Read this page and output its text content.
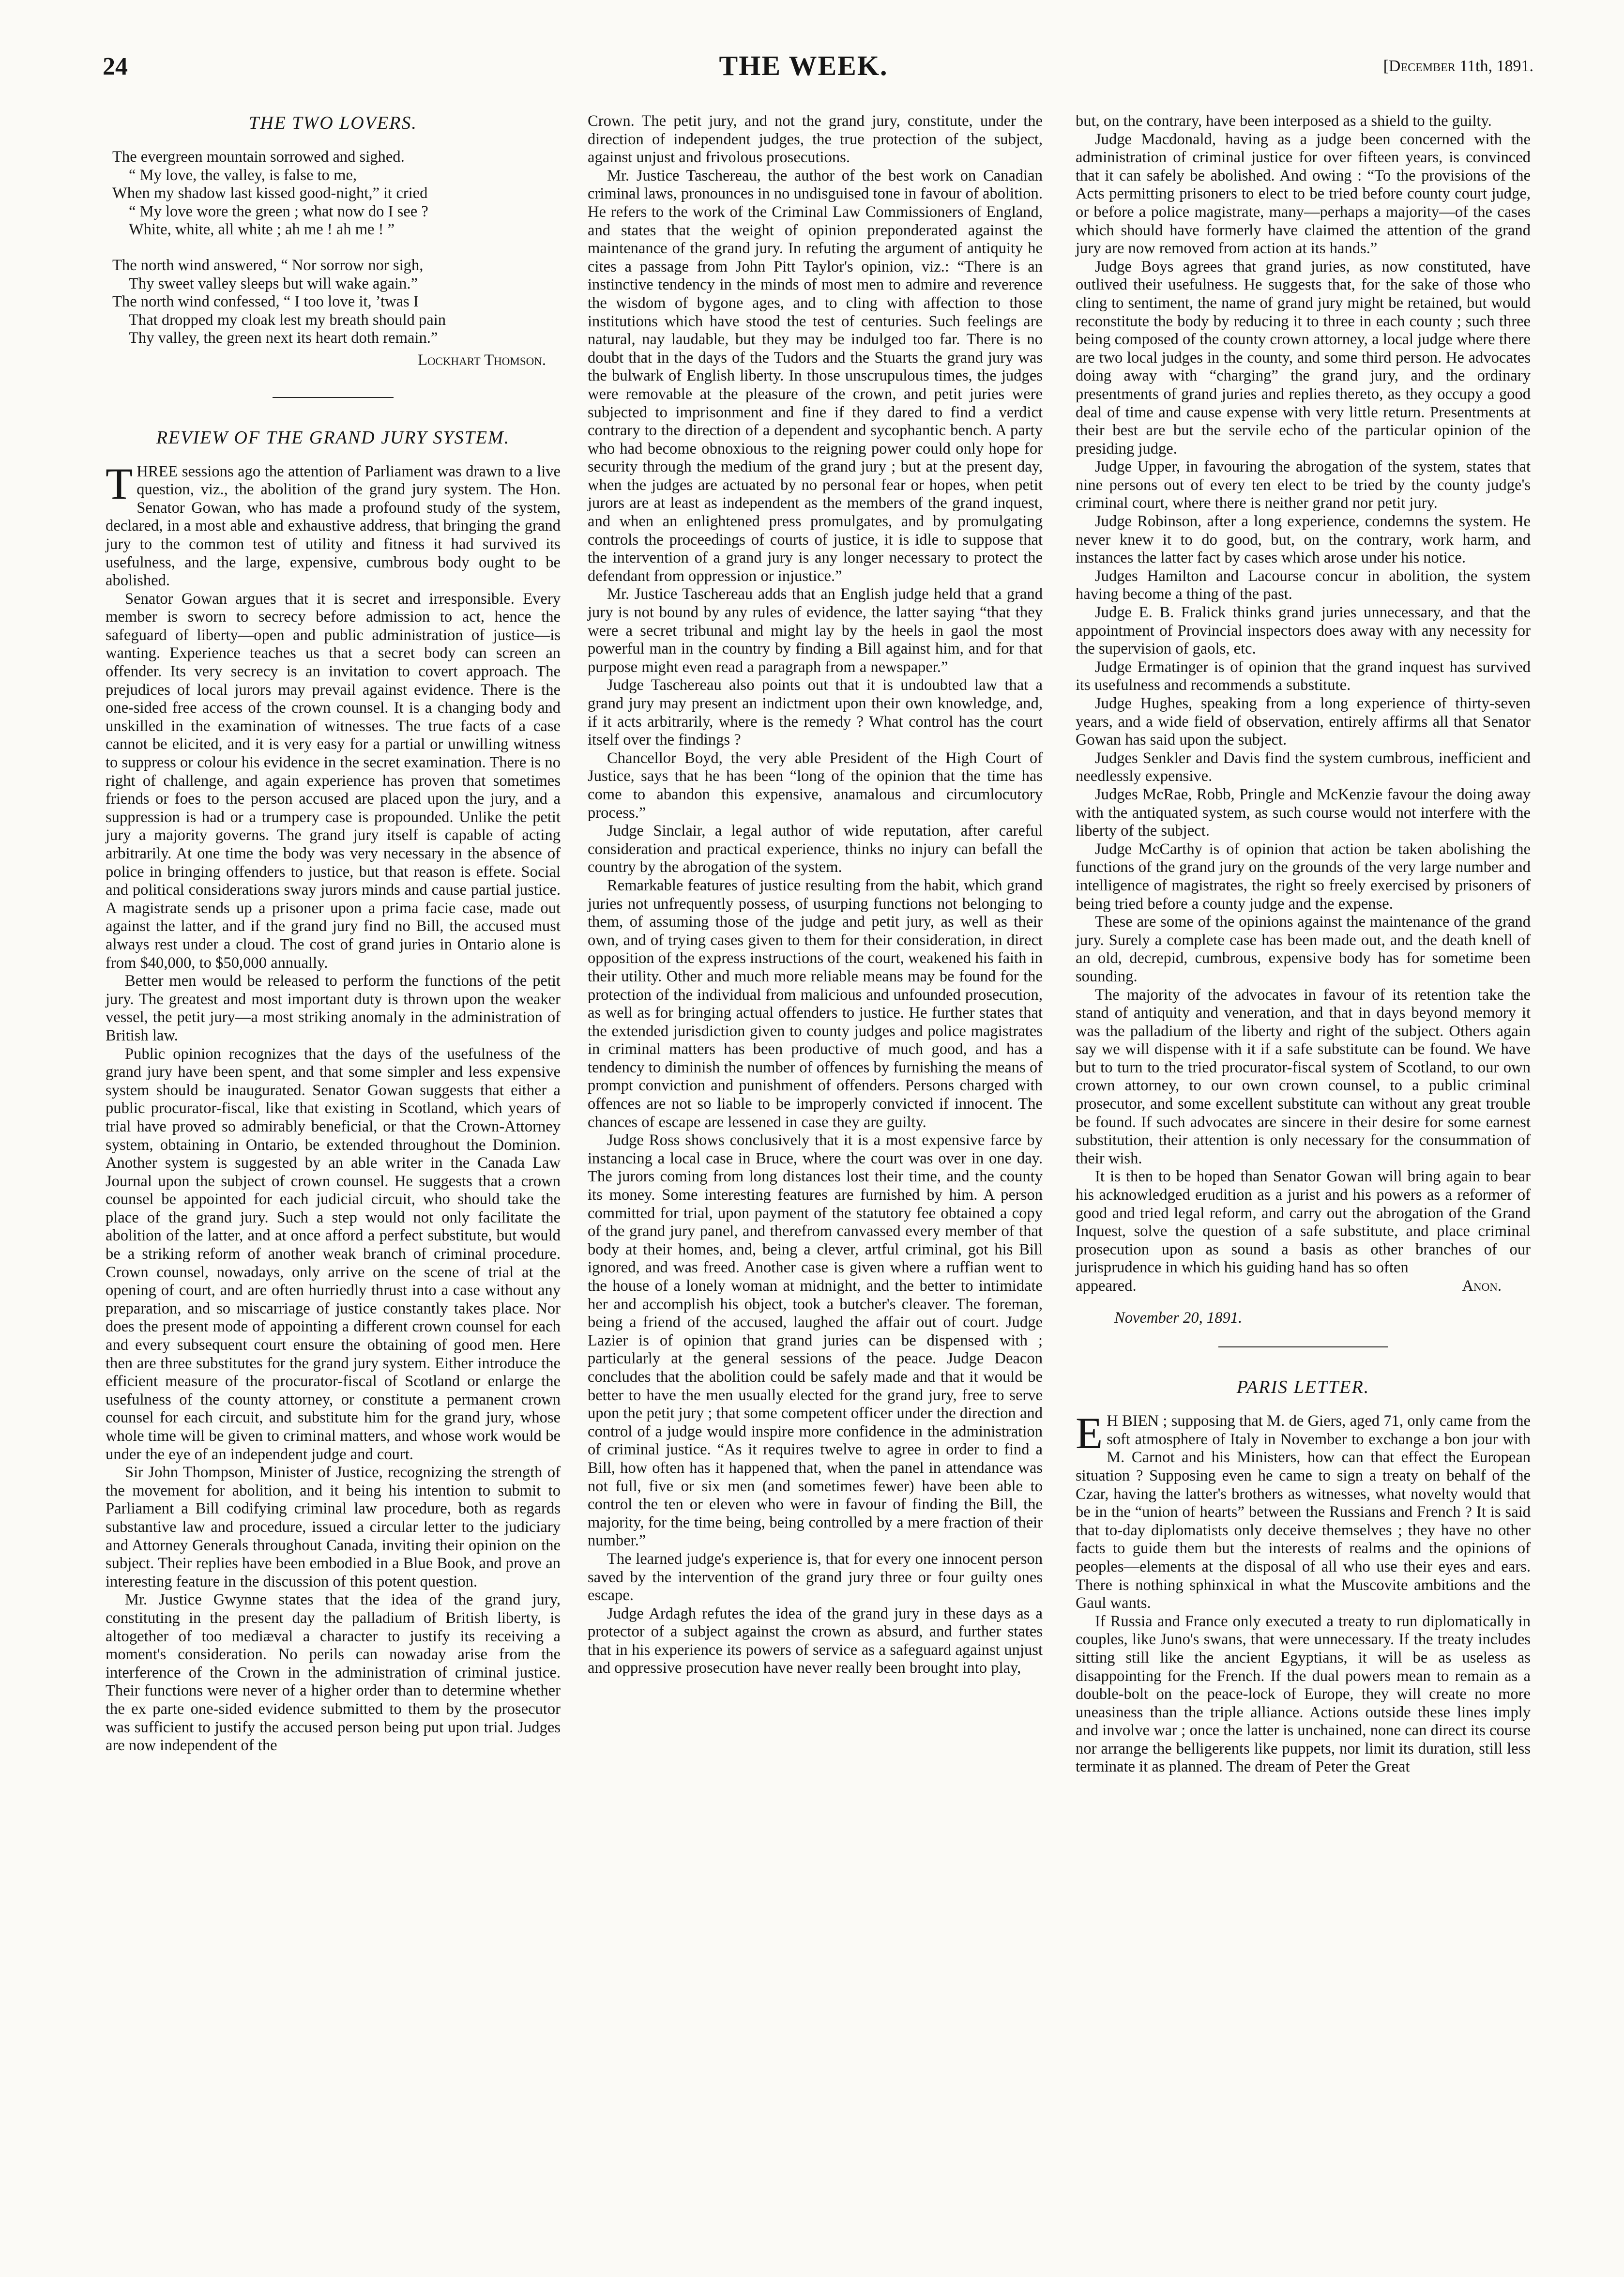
24	THE WEEK.	[December 11th, 1891.
THE TWO LOVERS.
The evergreen mountain sorrowed and sighed.
“ My love, the valley, is false to me,
When my shadow last kissed good-night,” it cried
“ My love wore the green ; what now do I see ?
White, white, all white ; ah me ! ah me ! ”
The north wind answered, “ Nor sorrow nor sigh,
Thy sweet valley sleeps but will wake again.”
The north wind confessed, “ I too love it, ’twas I
That dropped my cloak lest my breath should pain
Thy valley, the green next its heart doth remain.”
Lockhart Thomson.
REVIEW OF THE GRAND JURY SYSTEM.

THREE sessions ago the attention of Parliament was drawn to a live question, viz., the abolition of the grand jury system. The Hon. Senator Gowan, who has made a profound study of the system, declared, in a most able and exhaustive address, that bringing the grand jury to the common test of utility and fitness it had survived its usefulness, and the large, expensive, cumbrous body ought to be abolished.

Senator Gowan argues that it is secret and irresponsible. Every member is sworn to secrecy before admission to act, hence the safeguard of liberty—open and public administration of justice—is wanting. Experience teaches us that a secret body can screen an offender. Its very secrecy is an invitation to covert approach. The prejudices of local jurors may prevail against evidence. There is the one-sided free access of the crown counsel. It is a changing body and unskilled in the examination of witnesses. The true facts of a case cannot be elicited, and it is very easy for a partial or unwilling witness to suppress or colour his evidence in the secret examination. There is no right of challenge, and again experience has proven that sometimes friends or foes to the person accused are placed upon the jury, and a suppression is had or a trumpery case is propounded. Unlike the petit jury a majority governs. The grand jury itself is capable of acting arbitrarily. At one time the body was very necessary in the absence of police in bringing offenders to justice, but that reason is effete. Social and political considerations sway jurors minds and cause partial justice. A magistrate sends up a prisoner upon a prima facie case, made out against the latter, and if the grand jury find no Bill, the accused must always rest under a cloud. The cost of grand juries in Ontario alone is from $40,000, to $50,000 annually.

Better men would be released to perform the functions of the petit jury. The greatest and most important duty is thrown upon the weaker vessel, the petit jury—a most striking anomaly in the administration of British law.

Public opinion recognizes that the days of the usefulness of the grand jury have been spent, and that some simpler and less expensive system should be inaugurated. Senator Gowan suggests that either a public procurator-fiscal, like that existing in Scotland, which years of trial have proved so admirably beneficial, or that the Crown-Attorney system, obtaining in Ontario, be extended throughout the Dominion. Another system is suggested by an able writer in the Canada Law Journal upon the subject of crown counsel. He suggests that a crown counsel be appointed for each judicial circuit, who should take the place of the grand jury. Such a step would not only facilitate the abolition of the latter, and at once afford a perfect substitute, but would be a striking reform of another weak branch of criminal procedure. Crown counsel, nowadays, only arrive on the scene of trial at the opening of court, and are often hurriedly thrust into a case without any preparation, and so miscarriage of justice constantly takes place. Nor does the present mode of appointing a different crown counsel for each and every subsequent court ensure the obtaining of good men. Here then are three substitutes for the grand jury system. Either introduce the efficient measure of the procurator-fiscal of Scotland or enlarge the usefulness of the county attorney, or constitute a permanent crown counsel for each circuit, and substitute him for the grand jury, whose whole time will be given to criminal matters, and whose work would be under the eye of an independent judge and court.

Sir John Thompson, Minister of Justice, recognizing the strength of the movement for abolition, and it being his intention to submit to Parliament a Bill codifying criminal law procedure, both as regards substantive law and procedure, issued a circular letter to the judiciary and Attorney Generals throughout Canada, inviting their opinion on the subject. Their replies have been embodied in a Blue Book, and prove an interesting feature in the discussion of this potent question.

Mr. Justice Gwynne states that the idea of the grand jury, constituting in the present day the palladium of British liberty, is altogether of too mediæval a character to justify its receiving a moment's consideration. No perils can nowaday arise from the interference of the Crown in the administration of criminal justice. Their functions were never of a higher order than to determine whether the ex parte one-sided evidence submitted to them by the prosecutor was sufficient to justify the accused person being put upon trial. Judges are now independent of the

Crown. The petit jury, and not the grand jury, constitute, under the direction of independent judges, the true protection of the subject, against unjust and frivolous prosecutions.

Mr. Justice Taschereau, the author of the best work on Canadian criminal laws, pronounces in no undisguised tone in favour of abolition. He refers to the work of the Criminal Law Commissioners of England, and states that the weight of opinion preponderated against the maintenance of the grand jury. In refuting the argument of antiquity he cites a passage from John Pitt Taylor's opinion, viz.: “There is an instinctive tendency in the minds of most men to admire and reverence the wisdom of bygone ages, and to cling with affection to those institutions which have stood the test of centuries. Such feelings are natural, nay laudable, but they may be indulged too far. There is no doubt that in the days of the Tudors and the Stuarts the grand jury was the bulwark of English liberty. In those unscrupulous times, the judges were removable at the pleasure of the crown, and petit juries were subjected to imprisonment and fine if they dared to find a verdict contrary to the direction of a dependent and sycophantic bench. A party who had become obnoxious to the reigning power could only hope for security through the medium of the grand jury ; but at the present day, when the judges are actuated by no personal fear or hopes, when petit jurors are at least as independent as the members of the grand inquest, and when an enlightened press promulgates, and by promulgating controls the proceedings of courts of justice, it is idle to suppose that the intervention of a grand jury is any longer necessary to protect the defendant from oppression or injustice.”

Mr. Justice Taschereau adds that an English judge held that a grand jury is not bound by any rules of evidence, the latter saying “that they were a secret tribunal and might lay by the heels in gaol the most powerful man in the country by finding a Bill against him, and for that purpose might even read a paragraph from a newspaper.”

Judge Taschereau also points out that it is undoubted law that a grand jury may present an indictment upon their own knowledge, and, if it acts arbitrarily, where is the remedy ? What control has the court itself over the findings ?

Chancellor Boyd, the very able President of the High Court of Justice, says that he has been “long of the opinion that the time has come to abandon this expensive, anamalous and circumlocutory process.”

Judge Sinclair, a legal author of wide reputation, after careful consideration and practical experience, thinks no injury can befall the country by the abrogation of the system.

Remarkable features of justice resulting from the habit, which grand juries not unfrequently possess, of usurping functions not belonging to them, of assuming those of the judge and petit jury, as well as their own, and of trying cases given to them for their consideration, in direct opposition of the express instructions of the court, weakened his faith in their utility. Other and much more reliable means may be found for the protection of the individual from malicious and unfounded prosecution, as well as for bringing actual offenders to justice. He further states that the extended jurisdiction given to county judges and police magistrates in criminal matters has been productive of much good, and has a tendency to diminish the number of offences by furnishing the means of prompt conviction and punishment of offenders. Persons charged with offences are not so liable to be improperly convicted if innocent. The chances of escape are lessened in case they are guilty.

Judge Ross shows conclusively that it is a most expensive farce by instancing a local case in Bruce, where the court was over in one day. The jurors coming from long distances lost their time, and the county its money. Some interesting features are furnished by him. A person committed for trial, upon payment of the statutory fee obtained a copy of the grand jury panel, and therefrom canvassed every member of that body at their homes, and, being a clever, artful criminal, got his Bill ignored, and was freed. Another case is given where a ruffian went to the house of a lonely woman at midnight, and the better to intimidate her and accomplish his object, took a butcher's cleaver. The foreman, being a friend of the accused, laughed the affair out of court. Judge Lazier is of opinion that grand juries can be dispensed with ; particularly at the general sessions of the peace. Judge Deacon concludes that the abolition could be safely made and that it would be better to have the men usually elected for the grand jury, free to serve upon the petit jury ; that some competent officer under the direction and control of a judge would inspire more confidence in the administration of criminal justice. “As it requires twelve to agree in order to find a Bill, how often has it happened that, when the panel in attendance was not full, five or six men (and sometimes fewer) have been able to control the ten or eleven who were in favour of finding the Bill, the majority, for the time being, being controlled by a mere fraction of their number.”

The learned judge's experience is, that for every one innocent person saved by the intervention of the grand jury three or four guilty ones escape.

Judge Ardagh refutes the idea of the grand jury in these days as a protector of a subject against the crown as absurd, and further states that in his experience its powers of service as a safeguard against unjust and oppressive prosecution have never really been brought into play,

but, on the contrary, have been interposed as a shield to the guilty.

Judge Macdonald, having as a judge been concerned with the administration of criminal justice for over fifteen years, is convinced that it can safely be abolished. And owing : “To the provisions of the Acts permitting prisoners to elect to be tried before county court judge, or before a police magistrate, many—perhaps a majority—of the cases which should have formerly have claimed the attention of the grand jury are now removed from action at its hands.”

Judge Boys agrees that grand juries, as now constituted, have outlived their usefulness. He suggests that, for the sake of those who cling to sentiment, the name of grand jury might be retained, but would reconstitute the body by reducing it to three in each county ; such three being composed of the county crown attorney, a local judge where there are two local judges in the county, and some third person. He advocates doing away with “charging” the grand jury, and the ordinary presentments of grand juries and replies thereto, as they occupy a good deal of time and cause expense with very little return. Presentments at their best are but the servile echo of the particular opinion of the presiding judge.

Judge Upper, in favouring the abrogation of the system, states that nine persons out of every ten elect to be tried by the county judge's criminal court, where there is neither grand nor petit jury.

Judge Robinson, after a long experience, condemns the system. He never knew it to do good, but, on the contrary, work harm, and instances the latter fact by cases which arose under his notice.

Judges Hamilton and Lacourse concur in abolition, the system having become a thing of the past.

Judge E. B. Fralick thinks grand juries unnecessary, and that the appointment of Provincial inspectors does away with any necessity for the supervision of gaols, etc.

Judge Ermatinger is of opinion that the grand inquest has survived its usefulness and recommends a substitute.

Judge Hughes, speaking from a long experience of thirty-seven years, and a wide field of observation, entirely affirms all that Senator Gowan has said upon the subject.

Judges Senkler and Davis find the system cumbrous, inefficient and needlessly expensive.

Judges McRae, Robb, Pringle and McKenzie favour the doing away with the antiquated system, as such course would not interfere with the liberty of the subject.

Judge McCarthy is of opinion that action be taken abolishing the functions of the grand jury on the grounds of the very large number and intelligence of magistrates, the right so freely exercised by prisoners of being tried before a county judge and the expense.

These are some of the opinions against the maintenance of the grand jury. Surely a complete case has been made out, and the death knell of an old, decrepid, cumbrous, expensive body has for sometime been sounding.

The majority of the advocates in favour of its retention take the stand of antiquity and veneration, and that in days beyond memory it was the palladium of the liberty and right of the subject. Others again say we will dispense with it if a safe substitute can be found. We have but to turn to the tried procurator-fiscal system of Scotland, to our own crown attorney, to our own crown counsel, to a public criminal prosecutor, and some excellent substitute can without any great trouble be found. If such advocates are sincere in their desire for some earnest substitution, their attention is only necessary for the consummation of their wish.

It is then to be hoped than Senator Gowan will bring again to bear his acknowledged erudition as a jurist and his powers as a reformer of good and tried legal reform, and carry out the abrogation of the Grand Inquest, solve the question of a safe substitute, and place criminal prosecution upon as sound a basis as other branches of our jurisprudence in which his guiding hand has so often

appeared.	Anon.
November 20, 1891.
PARIS LETTER.

E H BIEN ; supposing that M. de Giers, aged 71, only came from the soft atmosphere of Italy in November to exchange a bon jour with M. Carnot and his Ministers, how can that effect the European situation ? Supposing even he came to sign a treaty on behalf of the Czar, having the latter's brothers as witnesses, what novelty would that be in the “union of hearts” between the Russians and French ? It is said that to-day diplomatists only deceive themselves ; they have no other facts to guide them but the interests of realms and the opinions of peoples—elements at the disposal of all who use their eyes and ears. There is nothing sphinxical in what the Muscovite ambitions and the Gaul wants.

If Russia and France only executed a treaty to run diplomatically in couples, like Juno's swans, that were unnecessary. If the treaty includes sitting still like the ancient Egyptians, it will be as useless as disappointing for the French. If the dual powers mean to remain as a double-bolt on the peace-lock of Europe, they will create no more uneasiness than the triple alliance. Actions outside these lines imply and involve war ; once the latter is unchained, none can direct its course nor arrange the belligerents like puppets, nor limit its duration, still less terminate it as planned. The dream of Peter the Great
